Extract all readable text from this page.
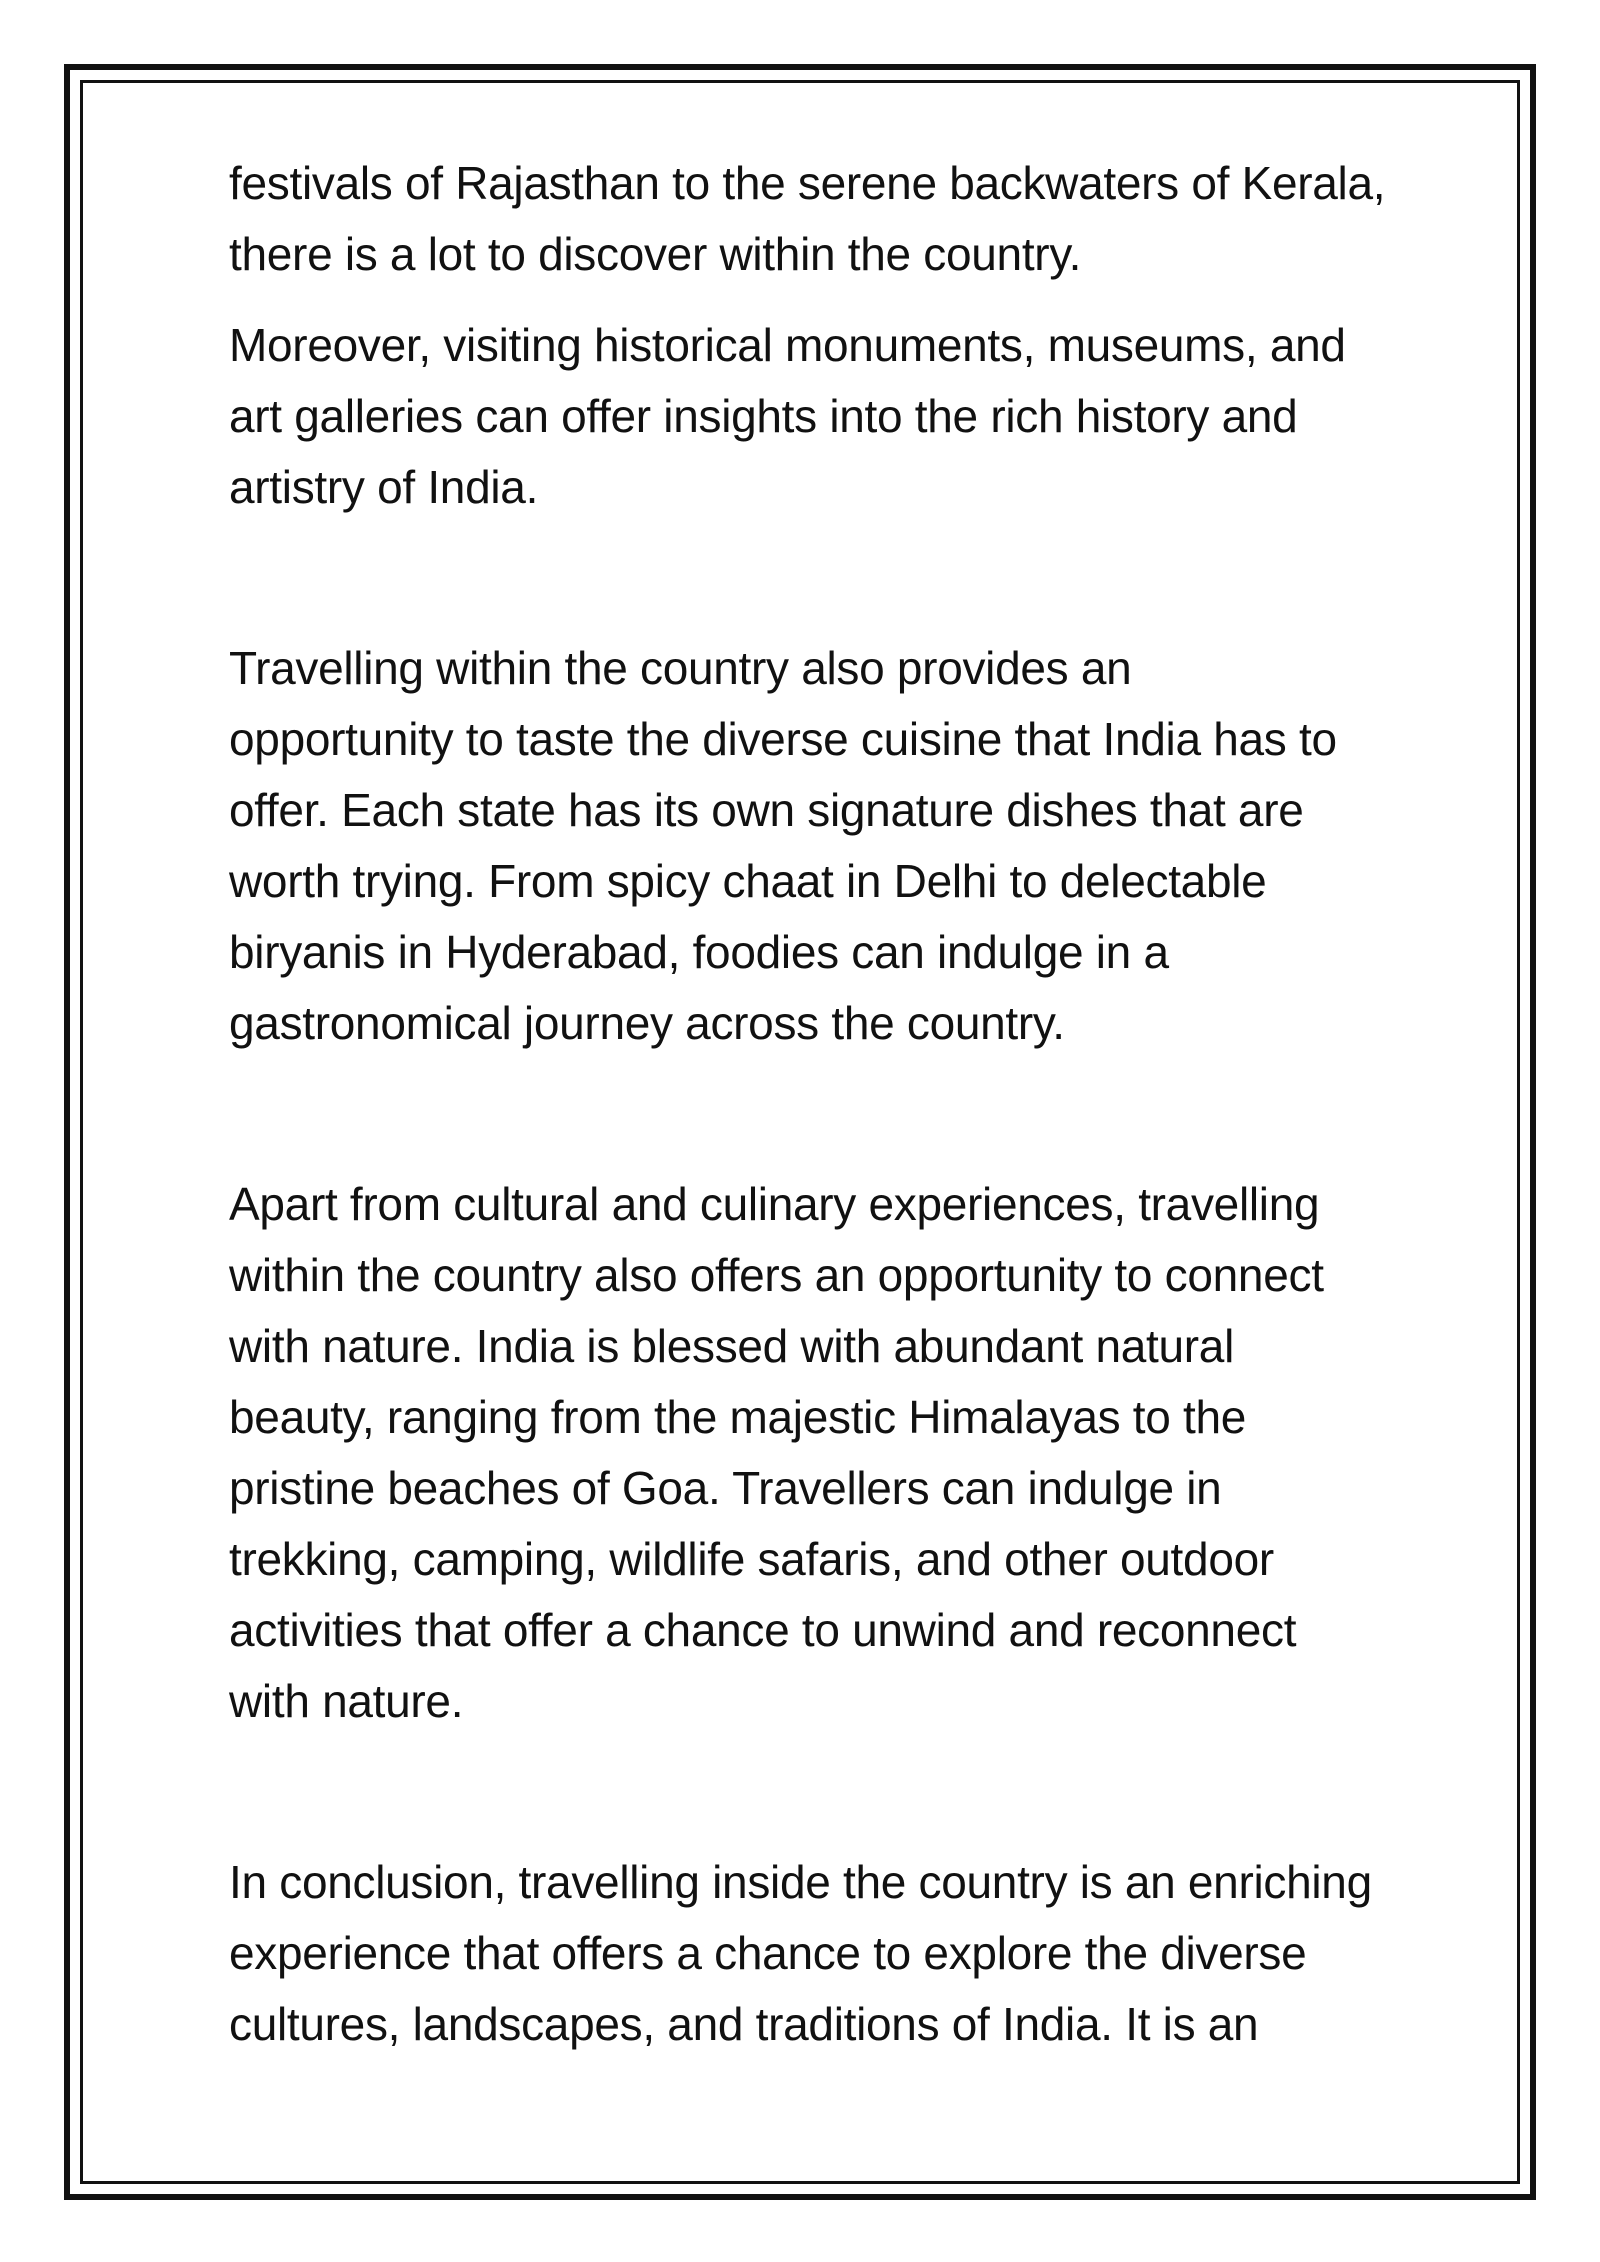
festivals of Rajasthan to the serene backwaters of Kerala,
there is a lot to discover within the country.
Moreover, visiting historical monuments, museums, and
art galleries can offer insights into the rich history and
artistry of India.
Travelling within the country also provides an
opportunity to taste the diverse cuisine that India has to
offer. Each state has its own signature dishes that are
worth trying. From spicy chaat in Delhi to delectable
biryanis in Hyderabad, foodies can indulge in a
gastronomical journey across the country.
Apart from cultural and culinary experiences, travelling
within the country also offers an opportunity to connect
with nature. India is blessed with abundant natural
beauty, ranging from the majestic Himalayas to the
pristine beaches of Goa. Travellers can indulge in
trekking, camping, wildlife safaris, and other outdoor
activities that offer a chance to unwind and reconnect
with nature.
In conclusion, travelling inside the country is an enriching
experience that offers a chance to explore the diverse
cultures, landscapes, and traditions of India. It is an
